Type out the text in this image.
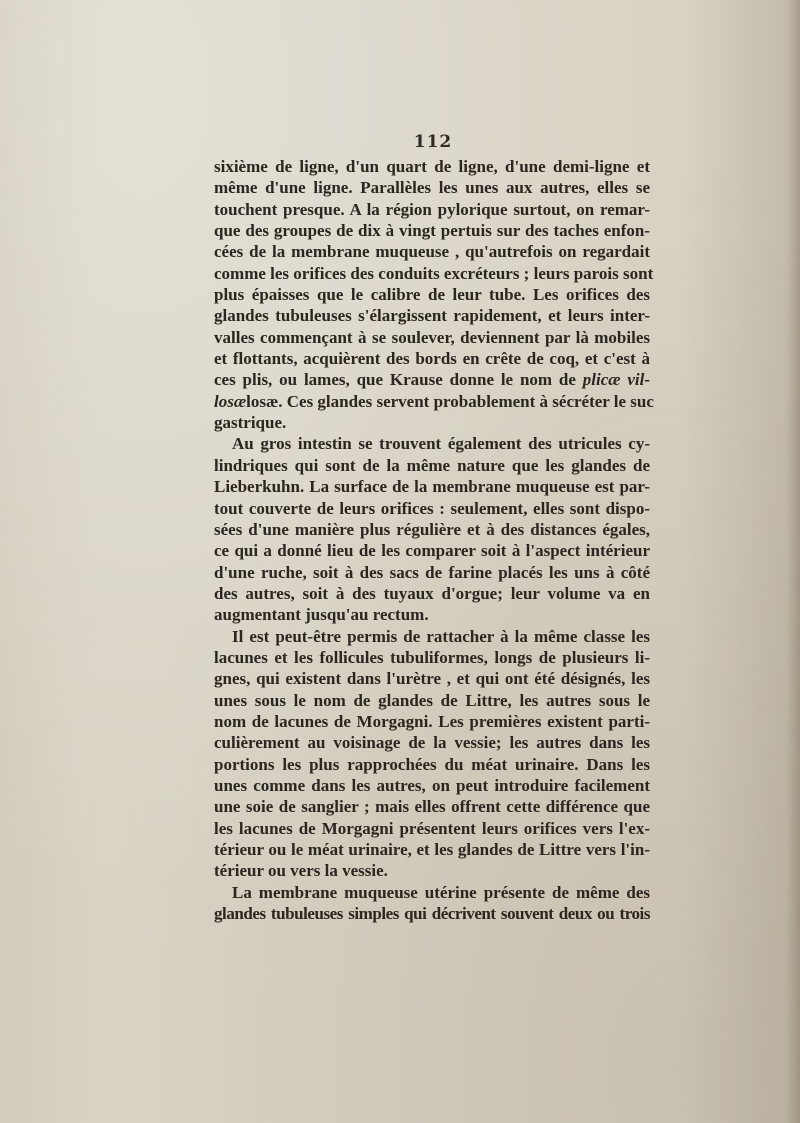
112
sixième de ligne, d'un quart de ligne, d'une demi-ligne et
même d'une ligne. Parallèles les unes aux autres, elles se
touchent presque. A la région pylorique surtout, on remar-
que des groupes de dix à vingt pertuis sur des taches enfon-
cées de la membrane muqueuse , qu'autrefois on regardait
comme les orifices des conduits excréteurs ; leurs parois sont
plus épaisses que le calibre de leur tube. Les orifices des
glandes tubuleuses s'élargissent rapidement, et leurs inter-
valles commençant à se soulever, deviennent par là mobiles
et flottants, acquièrent des bords en crête de coq, et c'est à
ces plis, ou lames, que Krause donne le nom de plicæ vil-
losælosæ. Ces glandes servent probablement à sécréter le suc
gastrique.
Au gros intestin se trouvent également des utricules cy-
lindriques qui sont de la même nature que les glandes de
Lieberkuhn. La surface de la membrane muqueuse est par-
tout couverte de leurs orifices : seulement, elles sont dispo-
sées d'une manière plus régulière et à des distances égales,
ce qui a donné lieu de les comparer soit à l'aspect intérieur
d'une ruche, soit à des sacs de farine placés les uns à côté
des autres, soit à des tuyaux d'orgue; leur volume va en
augmentant jusqu'au rectum.
Il est peut-être permis de rattacher à la même classe les
lacunes et les follicules tubuliformes, longs de plusieurs li-
gnes, qui existent dans l'urètre , et qui ont été désignés, les
unes sous le nom de glandes de Littre, les autres sous le
nom de lacunes de Morgagni. Les premières existent parti-
culièrement au voisinage de la vessie; les autres dans les
portions les plus rapprochées du méat urinaire. Dans les
unes comme dans les autres, on peut introduire facilement
une soie de sanglier ; mais elles offrent cette différence que
les lacunes de Morgagni présentent leurs orifices vers l'ex-
térieur ou le méat urinaire, et les glandes de Littre vers l'in-
térieur ou vers la vessie.
La membrane muqueuse utérine présente de même des
glandes tubuleuses simples qui décrivent souvent deux ou trois
